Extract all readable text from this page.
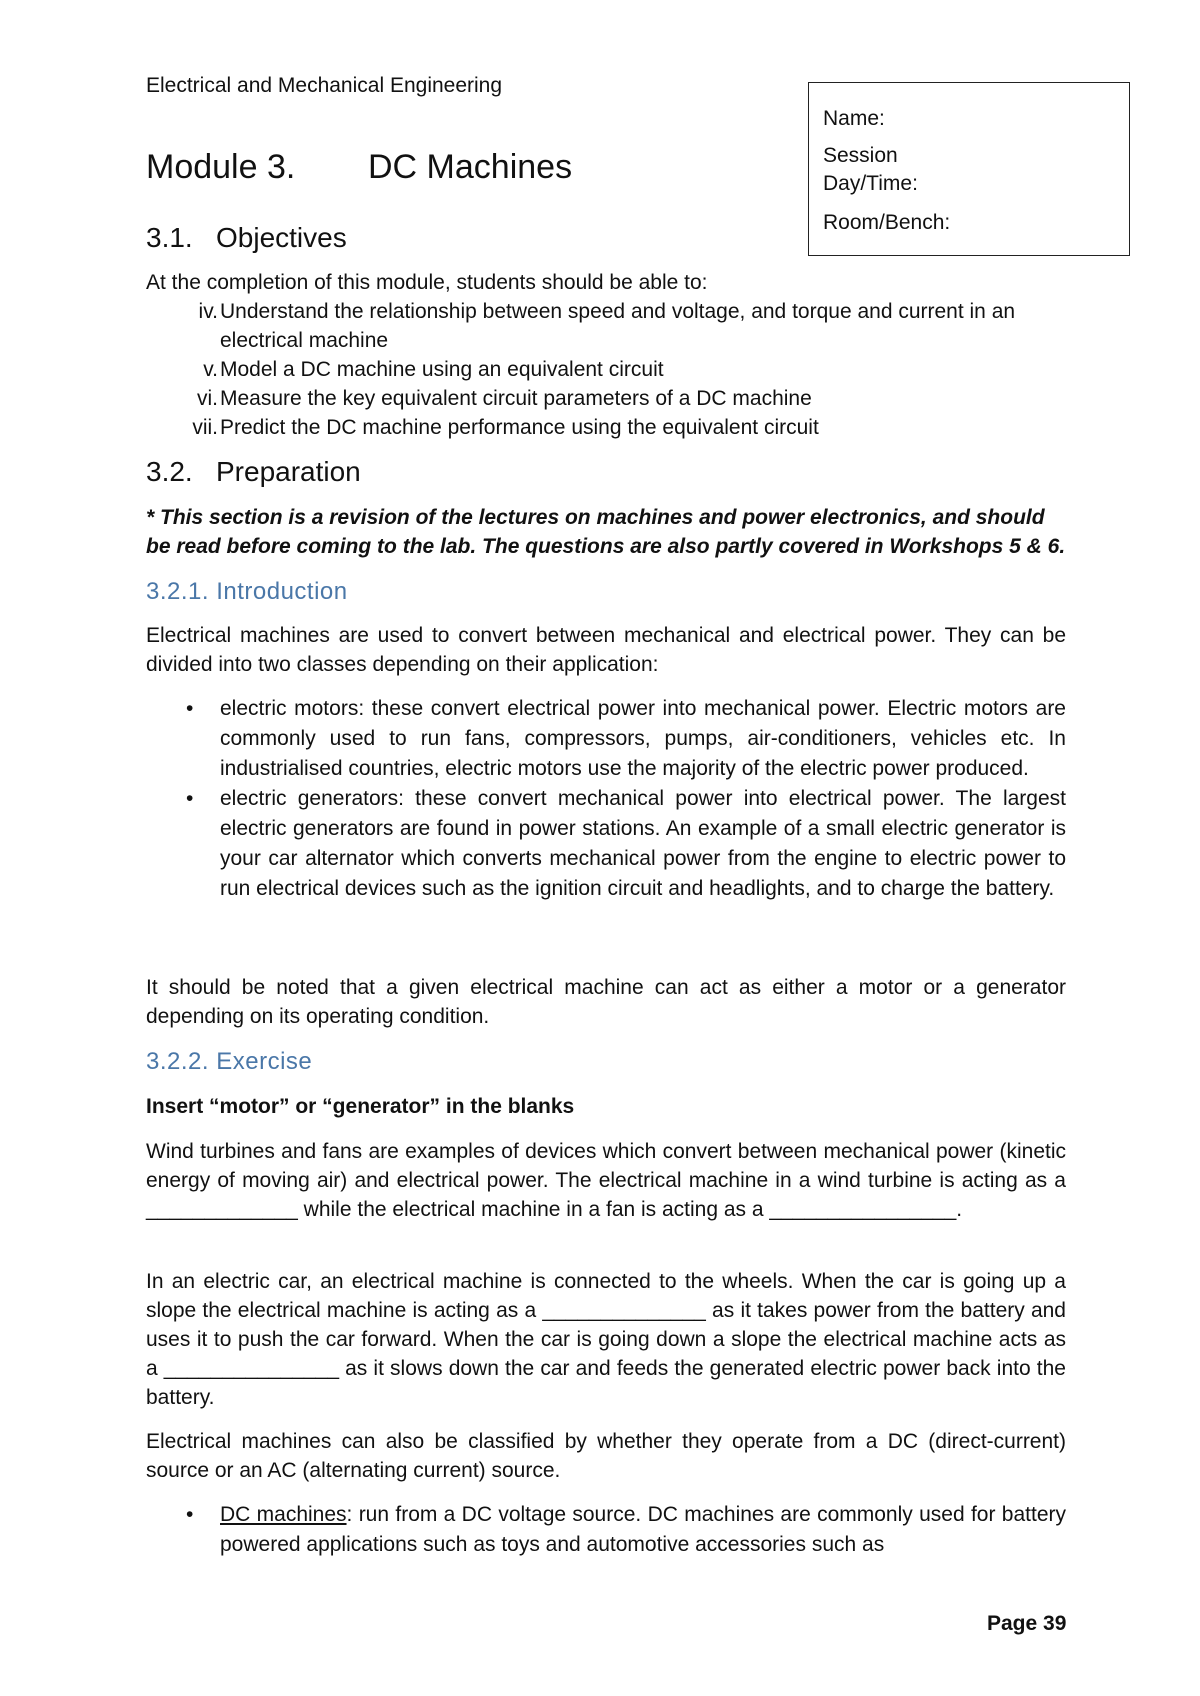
Electrical and Mechanical Engineering
Name:
Session
Day/Time:
Room/Bench:
Module 3. DC Machines
3.1. Objectives
At the completion of this module, students should be able to:
iv. Understand the relationship between speed and voltage, and torque and current in an electrical machine
v. Model a DC machine using an equivalent circuit
vi. Measure the key equivalent circuit parameters of a DC machine
vii. Predict the DC machine performance using the equivalent circuit
3.2. Preparation
* This section is a revision of the lectures on machines and power electronics, and should be read before coming to the lab. The questions are also partly covered in Workshops 5 & 6.
3.2.1. Introduction
Electrical machines are used to convert between mechanical and electrical power. They can be divided into two classes depending on their application:
• electric motors: these convert electrical power into mechanical power. Electric motors are commonly used to run fans, compressors, pumps, air-conditioners, vehicles etc. In industrialised countries, electric motors use the majority of the electric power produced.
• electric generators: these convert mechanical power into electrical power. The largest electric generators are found in power stations. An example of a small electric generator is your car alternator which converts mechanical power from the engine to electric power to run electrical devices such as the ignition circuit and headlights, and to charge the battery.
It should be noted that a given electrical machine can act as either a motor or a generator depending on its operating condition.
3.2.2. Exercise
Insert “motor” or “generator” in the blanks
Wind turbines and fans are examples of devices which convert between mechanical power (kinetic energy of moving air) and electrical power. The electrical machine in a wind turbine is acting as a _____________ while the electrical machine in a fan is acting as a ________________.
In an electric car, an electrical machine is connected to the wheels. When the car is going up a slope the electrical machine is acting as a ______________ as it takes power from the battery and uses it to push the car forward. When the car is going down a slope the electrical machine acts as a _______________ as it slows down the car and feeds the generated electric power back into the battery.
Electrical machines can also be classified by whether they operate from a DC (direct-current) source or an AC (alternating current) source.
• DC machines: run from a DC voltage source. DC machines are commonly used for battery powered applications such as toys and automotive accessories such as
Page 39
